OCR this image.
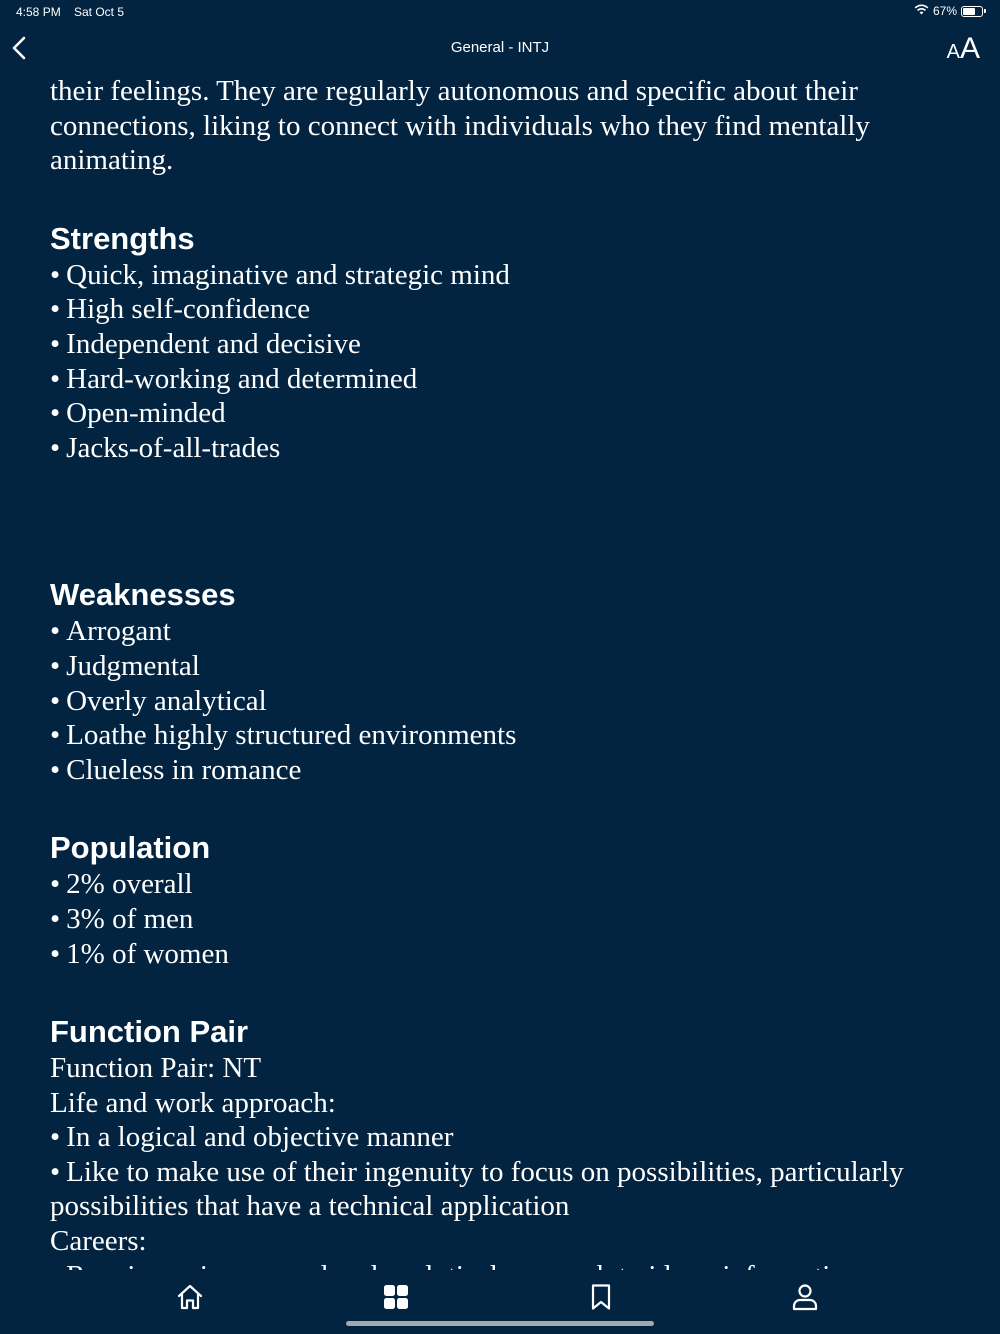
4:58 PM Sat Oct 5	67%
General - INTJ	AA

their feelings. They are regularly autonomous and specific about their connections, liking to connect with individuals who they find mentally animating.

Strengths
• Quick, imaginative and strategic mind
• High self-confidence
• Independent and decisive
• Hard-working and determined
• Open-minded
• Jacks-of-all-trades
Weaknesses
• Arrogant
• Judgmental
• Overly analytical
• Loathe highly structured environments
• Clueless in romance
Population
• 2% overall
• 3% of men
• 1% of women
Function Pair

Function Pair: NT

Life and work approach:

• In a logical and objective manner
• Like to make use of their ingenuity to focus on possibilities, particularly possibilities that have a technical application

Careers:

•
